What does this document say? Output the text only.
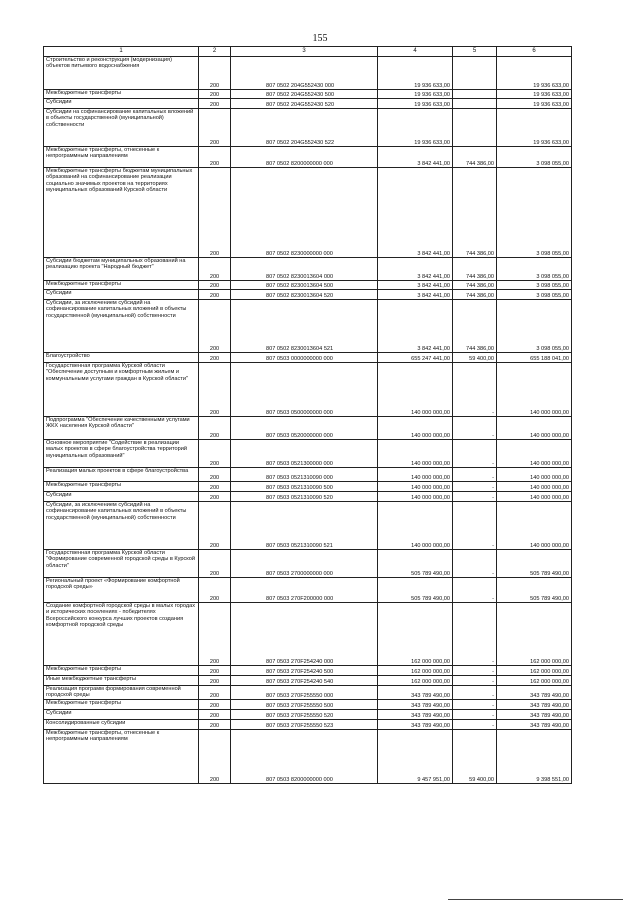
155
1	2	3	4	5	6
Строительство и реконструкция (модернизация) объектов питьевого водоснабжения	200	807 0502 204G552430 000	19 936 633,00		19 936 633,00
Межбюджетные трансферты	200	807 0502 204G552430 500	19 936 633,00		19 936 633,00
Субсидии	200	807 0502 204G552430 520	19 936 633,00		19 936 633,00
Субсидии на софинансирование капитальных вложений в объекты государственной (муниципальной) собственности	200	807 0502 204G552430 522	19 936 633,00		19 936 633,00
Межбюджетные трансферты, отнесенные к непрограммным направлениям	200	807 0502 8200000000 000	3 842 441,00	744 386,00	3 098 055,00
Межбюджетные трансферты бюджетам муниципальных образований на софинансирование реализации социально значимых проектов на территориях муниципальных образований Курской области	200	807 0502 8230000000 000	3 842 441,00	744 386,00	3 098 055,00
Субсидии бюджетам муниципальных образований на реализацию проекта "Народный бюджет"	200	807 0502 823001З604 000	3 842 441,00	744 386,00	3 098 055,00
Межбюджетные трансферты	200	807 0502 823001З604 500	3 842 441,00	744 386,00	3 098 055,00
Субсидии	200	807 0502 823001З604 520	3 842 441,00	744 386,00	3 098 055,00
Субсидии, за исключением субсидий на софинансирование капитальных вложений в объекты государственной (муниципальной) собственности	200	807 0502 823001З604 521	3 842 441,00	744 386,00	3 098 055,00
Благоустройство	200	807 0503 0000000000 000	655 247 441,00	59 400,00	655 188 041,00
Государственная программа Курской области "Обеспечение доступным и комфортным жильем и коммунальными услугами граждан в Курской области"	200	807 0503 0500000000 000	140 000 000,00	-	140 000 000,00
Подпрограмма "Обеспечение качественными услугами ЖКХ населения Курской области"	200	807 0503 0520000000 000	140 000 000,00	-	140 000 000,00
Основное мероприятие "Содействие в реализации малых проектов в сфере благоустройства территорий муниципальных образований"	200	807 0503 0521300000 000	140 000 000,00	-	140 000 000,00
Реализация малых проектов в сфере благоустройства	200	807 0503 0521310090 000	140 000 000,00	-	140 000 000,00
Межбюджетные трансферты	200	807 0503 0521310090 500	140 000 000,00	-	140 000 000,00
Субсидии	200	807 0503 0521310090 520	140 000 000,00	-	140 000 000,00
Субсидии, за исключением субсидий на софинансирование капитальных вложений в объекты государственной (муниципальной) собственности	200	807 0503 0521310090 521	140 000 000,00	-	140 000 000,00
Государственная программа Курской области "Формирование современной городской среды в Курской области"	200	807 0503 2700000000 000	505 789 490,00	-	505 789 490,00
Региональный проект «Формирование комфортной городской среды»	200	807 0503 270F200000 000	505 789 490,00	-	505 789 490,00
Создание комфортной городской среды в малых городах и исторических поселениях - победителях Всероссийского конкурса лучших проектов создания комфортной городской среды	200	807 0503 270F254240 000	162 000 000,00	-	162 000 000,00
Межбюджетные трансферты	200	807 0503 270F254240 500	162 000 000,00	-	162 000 000,00
Иные межбюджетные трансферты	200	807 0503 270F254240 540	162 000 000,00	-	162 000 000,00
Реализация программ формирования современной городской среды	200	807 0503 270F255550 000	343 789 490,00	-	343 789 490,00
Межбюджетные трансферты	200	807 0503 270F255550 500	343 789 490,00	-	343 789 490,00
Субсидии	200	807 0503 270F255550 520	343 789 490,00	-	343 789 490,00
Консолидированные субсидии	200	807 0503 270F255550 523	343 789 490,00	-	343 789 490,00
Межбюджетные трансферты, отнесенные к непрограммным направлениям	200	807 0503 8200000000 000	9 457 951,00	59 400,00	9 398 551,00
